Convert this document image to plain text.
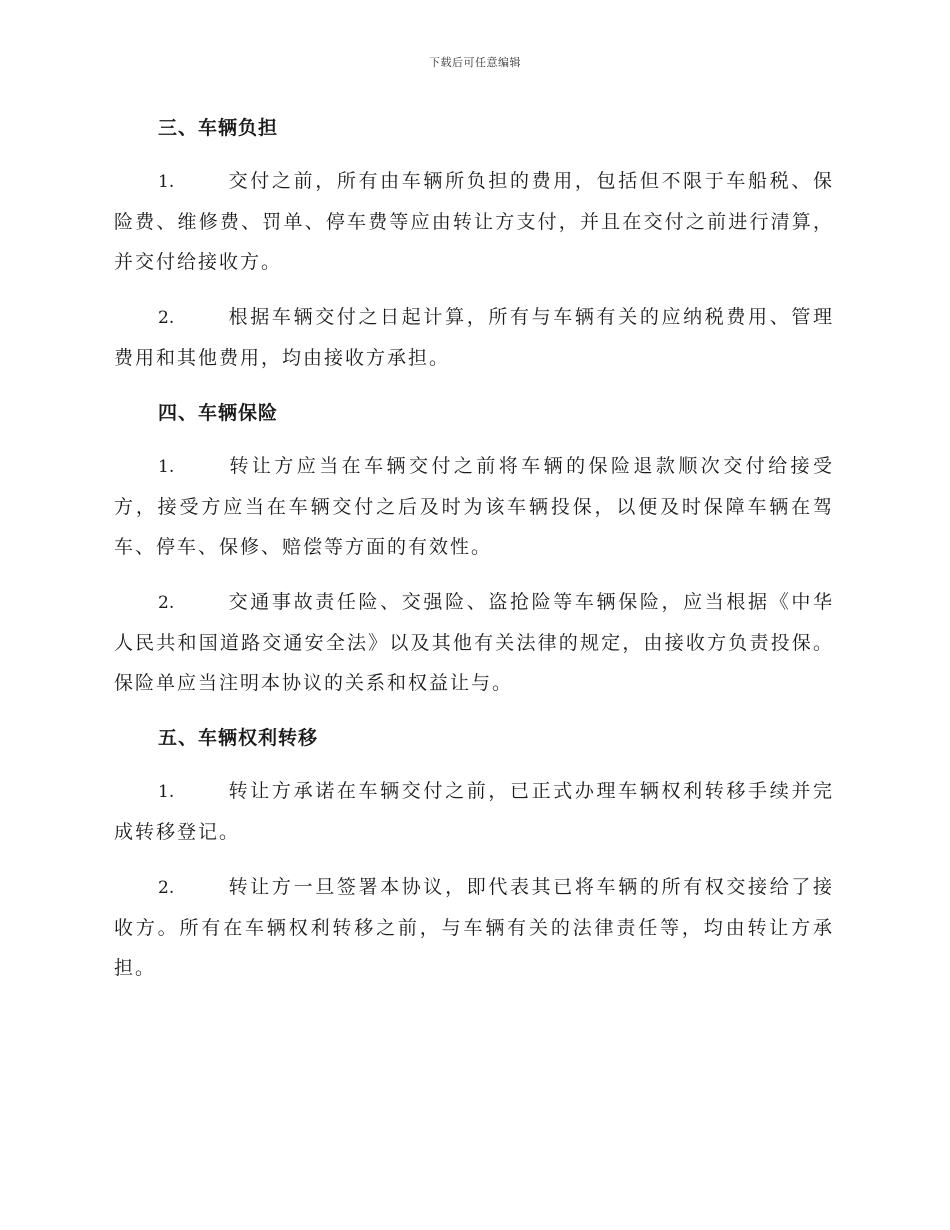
下载后可任意编辑
三、车辆负担

1.	交付之前，所有由车辆所负担的费用，包括但不限于车船税、保险费、维修费、罚单、停车费等应由转让方支付，并且在交付之前进行清算，并交付给接收方。

2.	根据车辆交付之日起计算，所有与车辆有关的应纳税费用、管理费用和其他费用，均由接收方承担。

四、车辆保险

1.	转让方应当在车辆交付之前将车辆的保险退款顺次交付给接受方，接受方应当在车辆交付之后及时为该车辆投保，以便及时保障车辆在驾车、停车、保修、赔偿等方面的有效性。

2.	交通事故责任险、交强险、盗抢险等车辆保险，应当根据《中华人民共和国道路交通安全法》以及其他有关法律的规定，由接收方负责投保。保险单应当注明本协议的关系和权益让与。

五、车辆权利转移

1.	转让方承诺在车辆交付之前，已正式办理车辆权利转移手续并完成转移登记。

2.	转让方一旦签署本协议，即代表其已将车辆的所有权交接给了接收方。所有在车辆权利转移之前，与车辆有关的法律责任等，均由转让方承担。
